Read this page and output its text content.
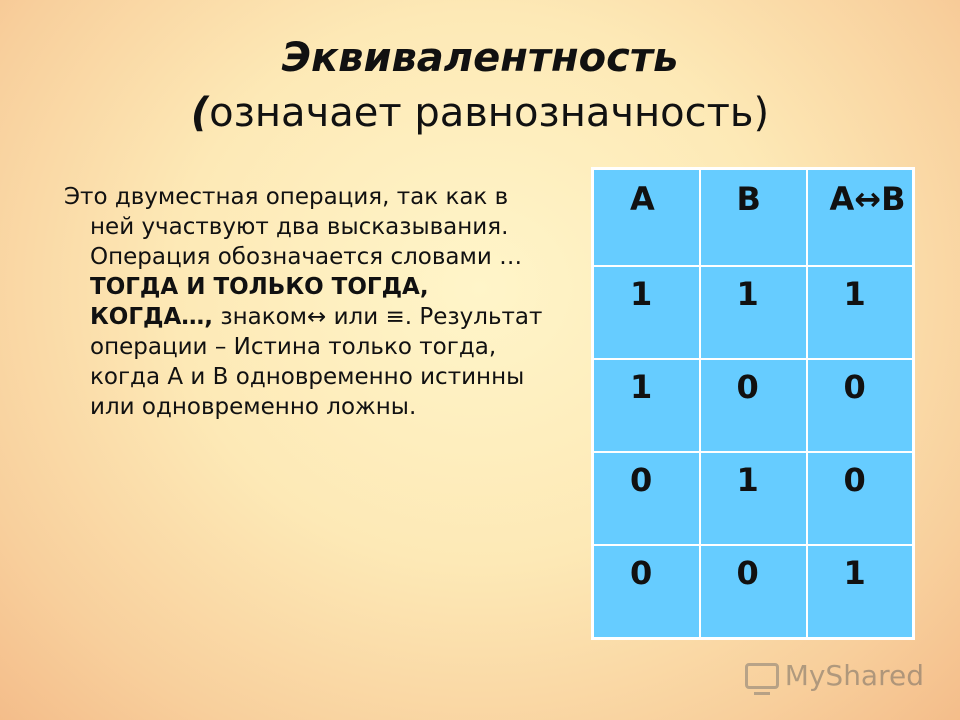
Эквивалентность
(означает равнозначность)

Это двуместная операция, так как в ней участвуют два высказывания. Операция обозначается словами …ТОГДА И ТОЛЬКО ТОГДА, КОГДА…, знаком↔ или ≡. Результат операции – Истина только тогда, когда А и В одновременно истинны или одновременно ложны.

A	B	A↔B
1	1	1
1	0	0
0	1	0
0	0	1
MyShared
